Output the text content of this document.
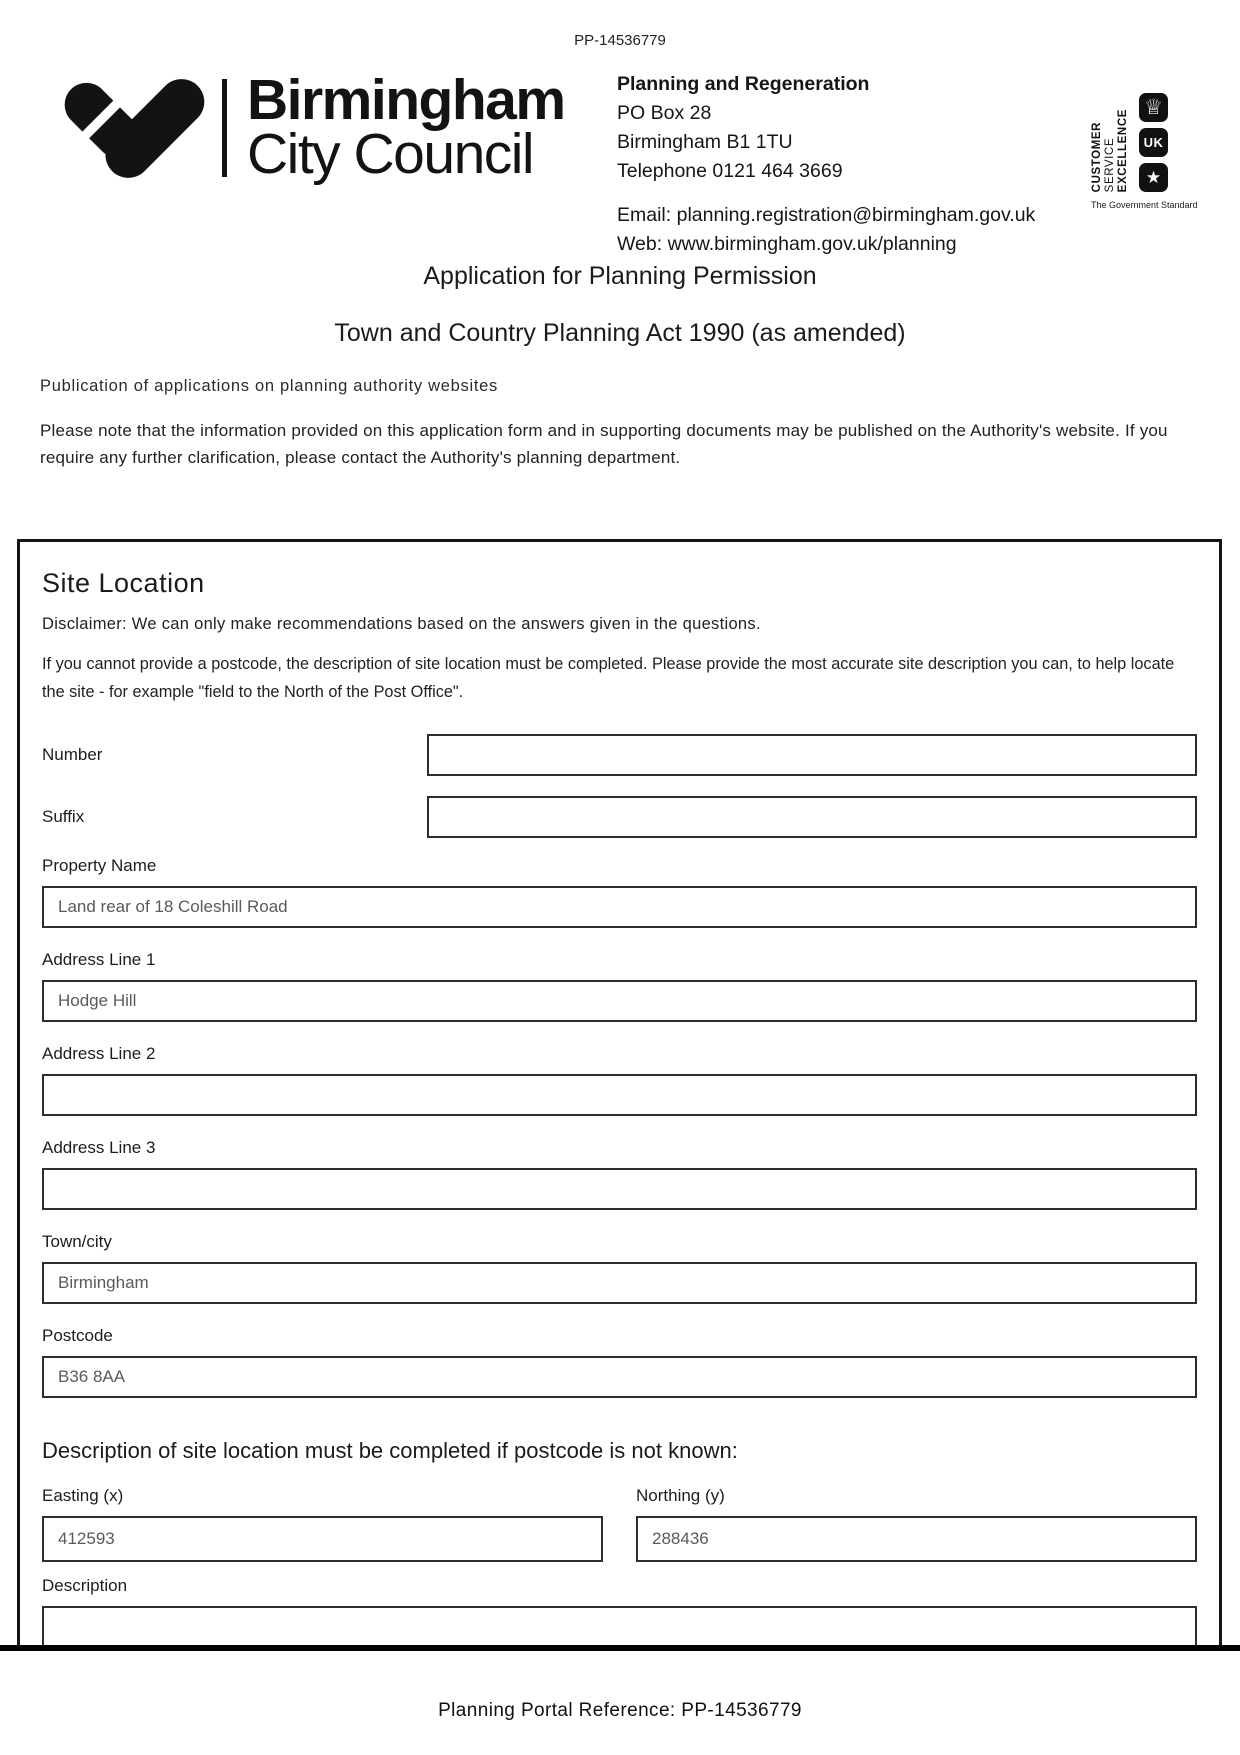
PP-14536779
Birmingham
City Council
Planning and Regeneration
PO Box 28
Birmingham B1 1TU
Telephone 0121 464 3669
Email: planning.registration@birmingham.gov.uk
Web: www.birmingham.gov.uk/planning
CUSTOMER SERVICE EXCELLENCE
♕
UK
★
The Government Standard
Application for Planning Permission
Town and Country Planning Act 1990 (as amended)
Publication of applications on planning authority websites

Please note that the information provided on this application form and in supporting documents may be published on the Authority's website. If you require any further clarification, please contact the Authority's planning department.

Site Location

Disclaimer: We can only make recommendations based on the answers given in the questions.

If you cannot provide a postcode, the description of site location must be completed. Please provide the most accurate site description you can, to help locate the site - for example "field to the North of the Post Office".

Number
Suffix
Property Name
Land rear of 18 Coleshill Road
Address Line 1
Hodge Hill
Address Line 2
Address Line 3
Town/city
Birmingham
Postcode
B36 8AA
Description of site location must be completed if postcode is not known:
Easting (x)
412593	Northing (y)
288436
Description
Planning Portal Reference: PP-14536779
